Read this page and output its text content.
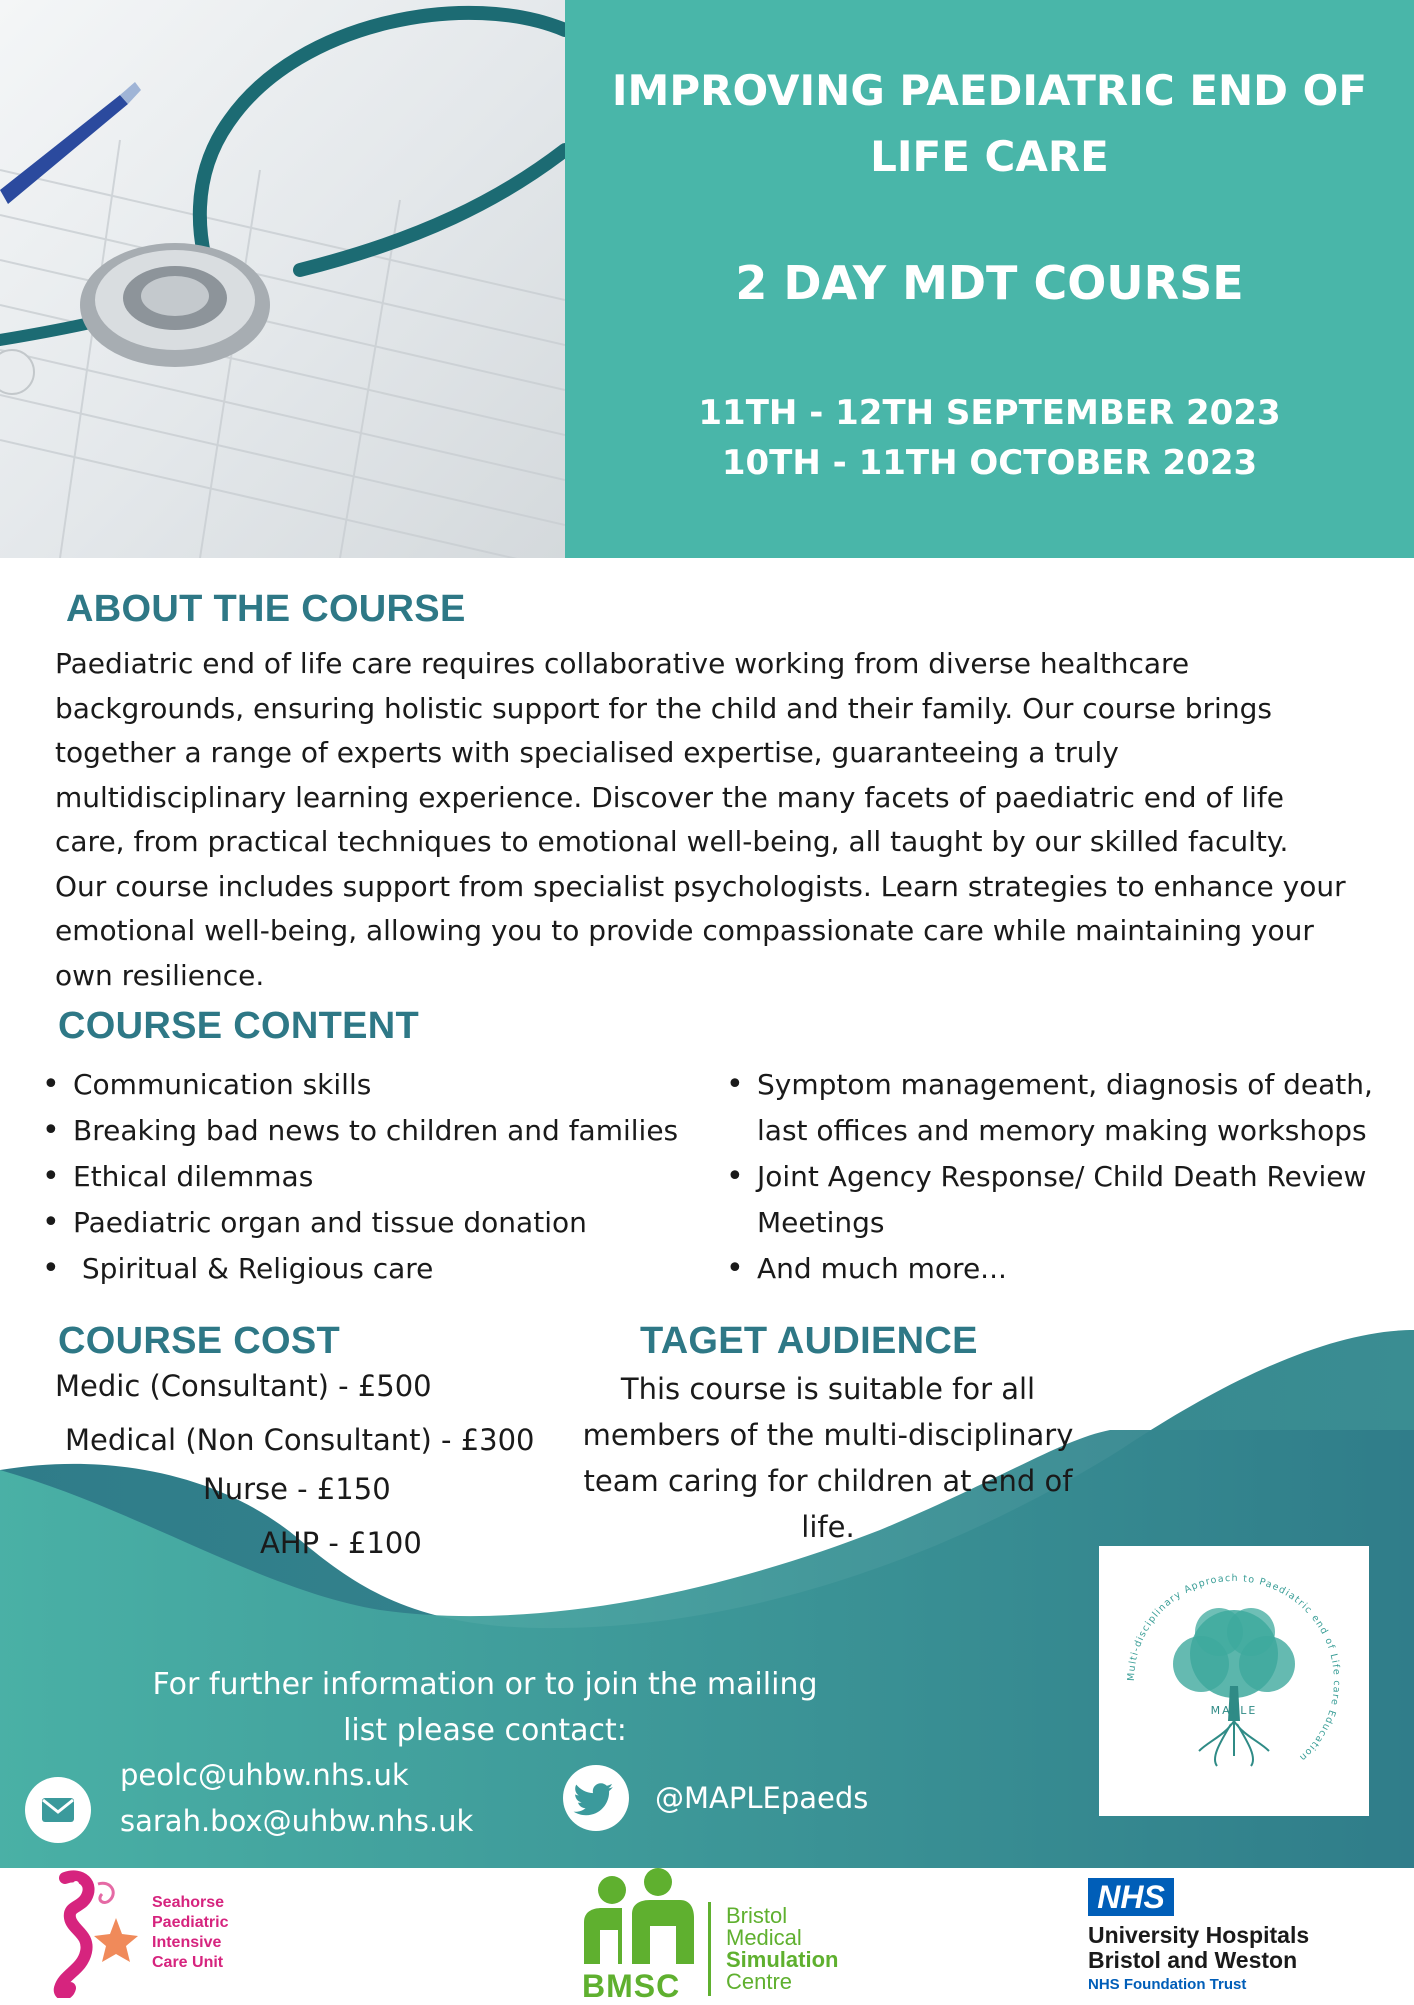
IMPROVING PAEDIATRIC END OF LIFE CARE
2 DAY MDT COURSE
11TH - 12TH SEPTEMBER 2023
10TH - 11TH OCTOBER 2023
ABOUT THE COURSE
Paediatric end of life care requires collaborative working from diverse healthcare
backgrounds, ensuring holistic support for the child and their family. Our course brings
together a range of experts with specialised expertise, guaranteeing a truly
multidisciplinary learning experience. Discover the many facets of paediatric end of life
care, from practical techniques to emotional well-being, all taught by our skilled faculty.
Our course includes support from specialist psychologists. Learn strategies to enhance your
emotional well-being, allowing you to provide compassionate care while maintaining your
own resilience.
COURSE CONTENT
• Communication skills
• Breaking bad news to children and families
• Ethical dilemmas
• Paediatric organ and tissue donation
•  Spiritual & Religious care
• Symptom management, diagnosis of death, last offices and memory making workshops
• Joint Agency Response/ Child Death Review Meetings
• And much more...
COURSE COST
Medic (Consultant) - £500
Medical (Non Consultant) - £300
Nurse - £150
AHP - £100
TAGET AUDIENCE
This course is suitable for all members of the multi-disciplinary team caring for children at end of life.
For further information or to join the mailing
list please contact:
peolc@uhbw.nhs.uk
sarah.box@uhbw.nhs.uk
@MAPLEpaeds
Multi-disciplinary Approach to Paediatric end of Life care Education
MAPLE
Seahorse
Paediatric
Intensive
Care Unit
BMSC
Bristol
Medical
Simulation
Centre
NHS
University Hospitals
Bristol and Weston
NHS Foundation Trust
